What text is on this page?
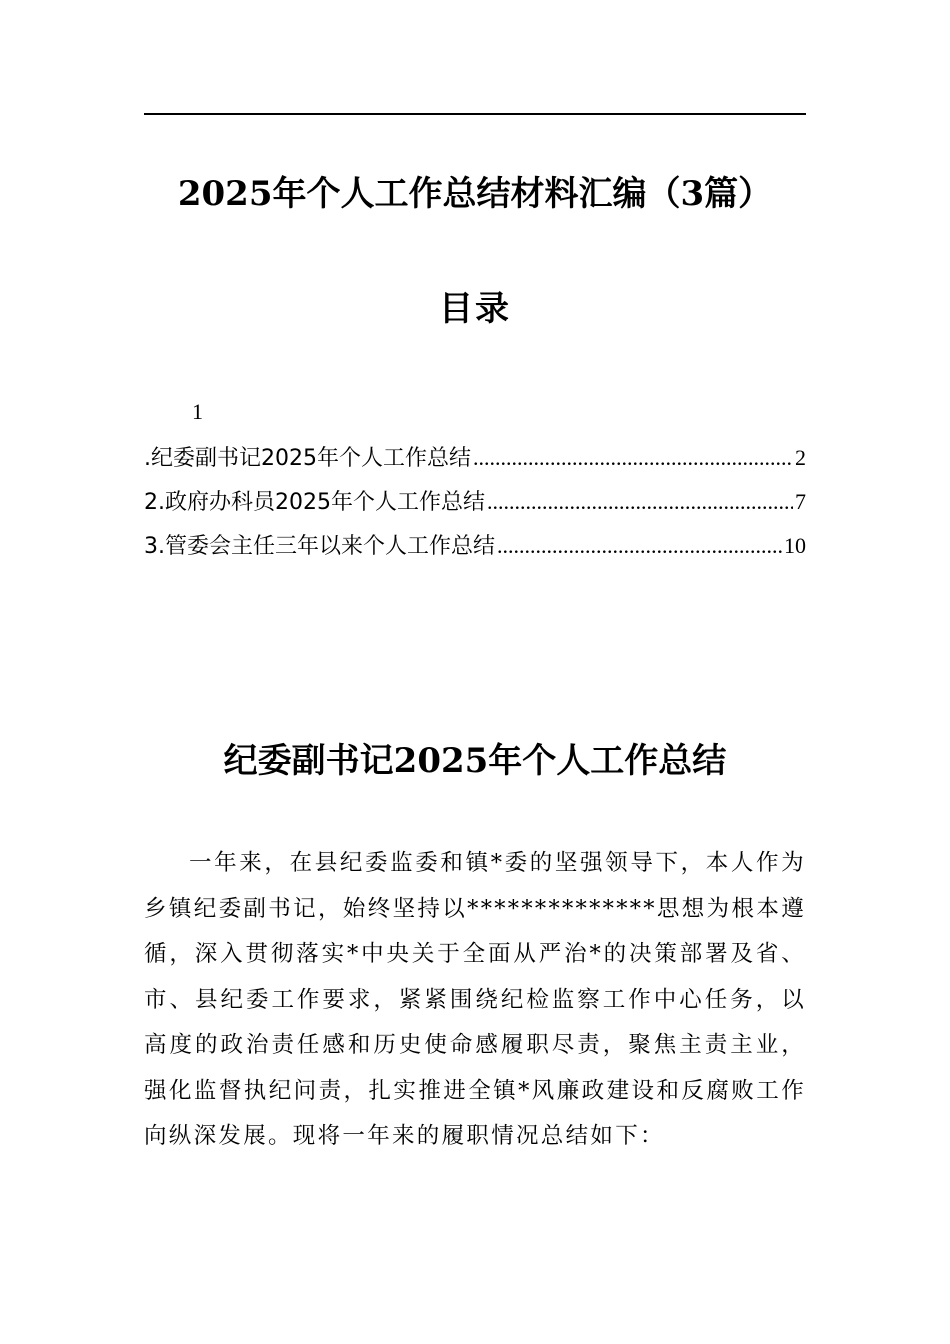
2025年个人工作总结材料汇编（3篇）
目录
1
.纪委副书记2025年个人工作总结 .....	2
2.政府办科员2025年个人工作总结 .....	7
3.管委会主任三年以来个人工作总结 .....	10
纪委副书记2025年个人工作总结

一年来，在县纪委监委和镇*委的坚强领导下，本人作为乡镇纪委副书记，始终坚持以**************思想为根本遵循，深入贯彻落实*中央关于全面从严治*的决策部署及省、市、县纪委工作要求，紧紧围绕纪检监察工作中心任务，以高度的政治责任感和历史使命感履职尽责，聚焦主责主业，强化监督执纪问责，扎实推进全镇*风廉政建设和反腐败工作向纵深发展。现将一年来的履职情况总结如下：
